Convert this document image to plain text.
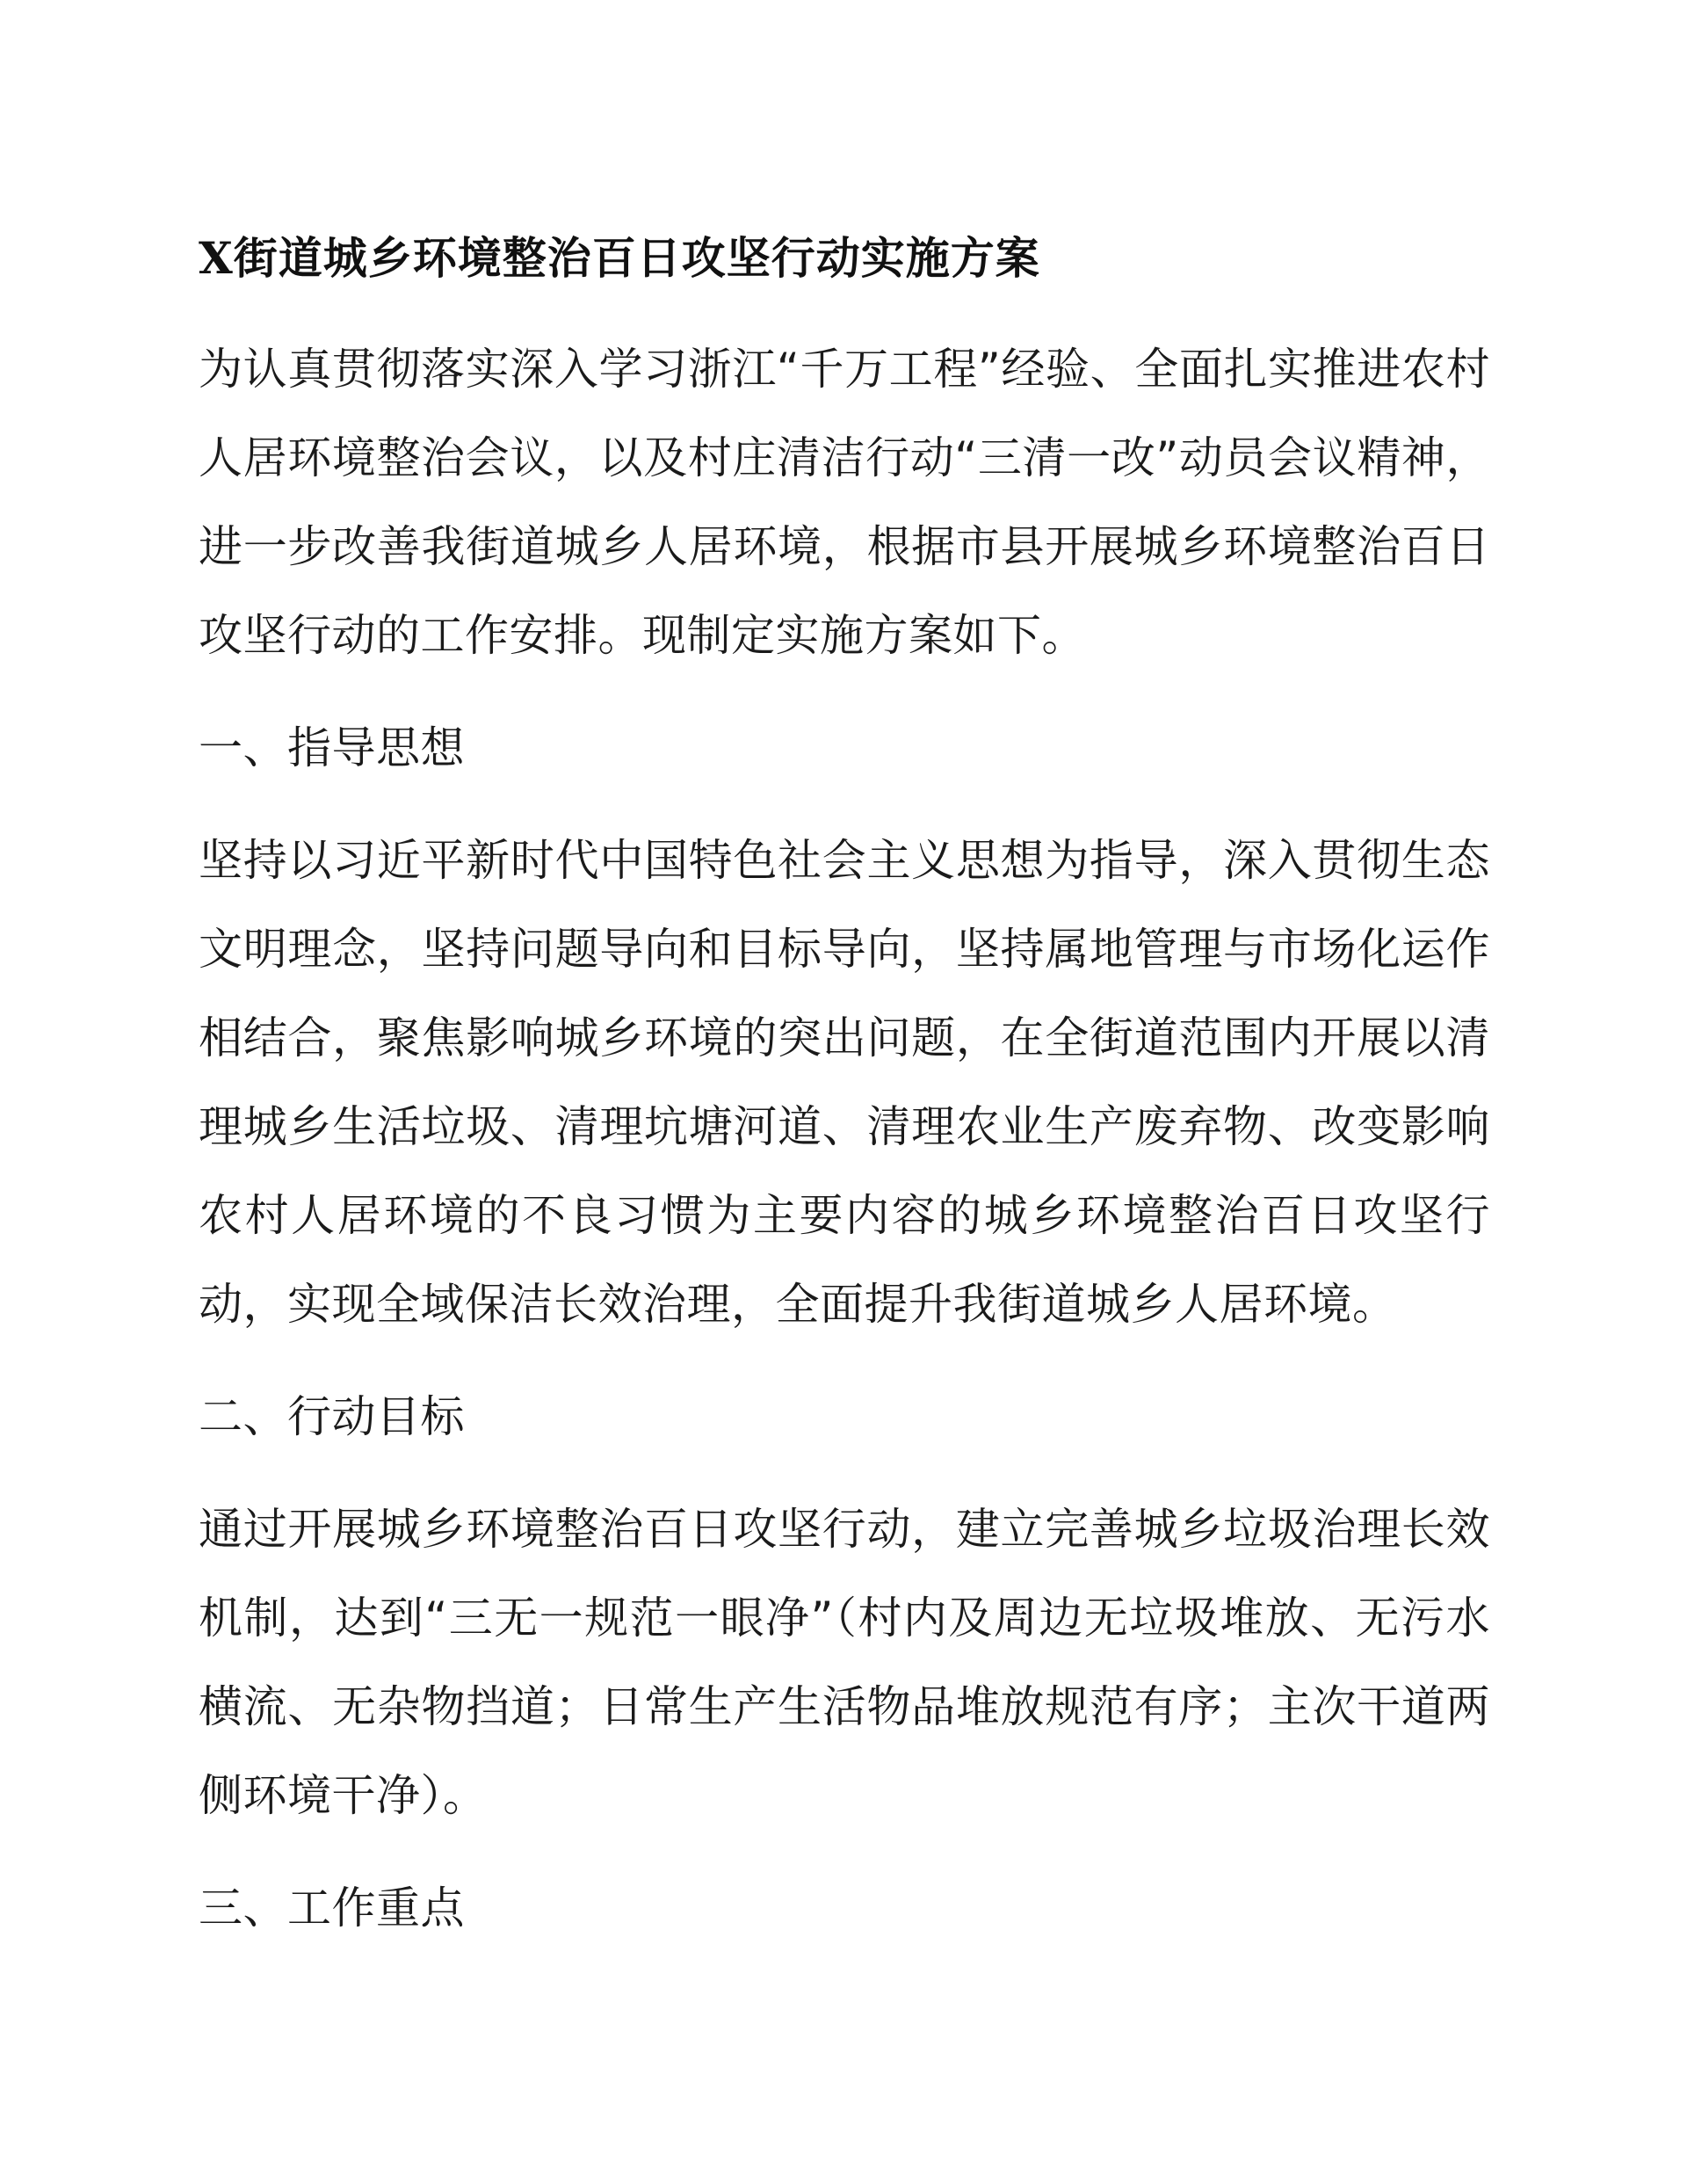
X街道城乡环境整治百日攻坚行动实施方案
为认真贯彻落实深入学习浙江“千万工程”经验、全面扎实推进农村人居环境整治会议，以及村庄清洁行动“三清一改”动员会议精神，进一步改善我街道城乡人居环境，根据市县开展城乡环境整治百日攻坚行动的工作安排。现制定实施方案如下。
一、指导思想
坚持以习近平新时代中国特色社会主义思想为指导，深入贯彻生态文明理念，坚持问题导向和目标导向，坚持属地管理与市场化运作相结合，聚焦影响城乡环境的突出问题，在全街道范围内开展以清理城乡生活垃圾、清理坑塘河道、清理农业生产废弃物、改变影响农村人居环境的不良习惯为主要内容的城乡环境整治百日攻坚行动，实现全域保洁长效治理，全面提升我街道城乡人居环境。
二、行动目标
通过开展城乡环境整治百日攻坚行动，建立完善城乡垃圾治理长效机制，达到“三无一规范一眼净”（村内及周边无垃圾堆放、无污水横流、无杂物挡道；日常生产生活物品堆放规范有序；主次干道两侧环境干净）。
三、工作重点
